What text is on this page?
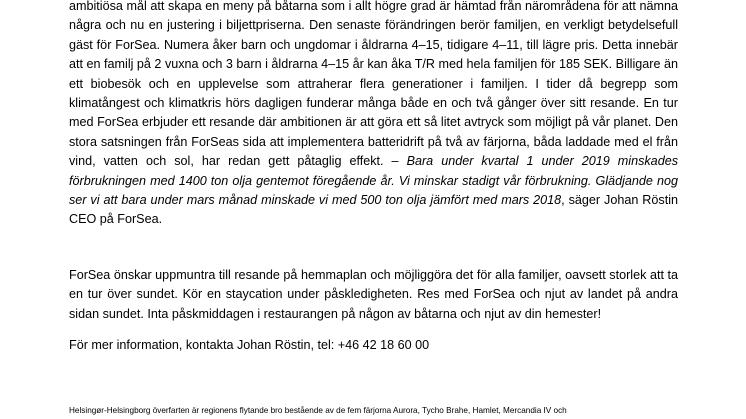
ambitiösa mål att skapa en meny på båtarna som i allt högre grad är hämtad från närområdena för att nämna några och nu en justering i biljettpriserna. Den senaste förändringen berör familjen, en verkligt betydelsefull gäst för ForSea. Numera åker barn och ungdomar i åldrarna 4–15, tidigare 4–11, till lägre pris. Detta innebär att en familj på 2 vuxna och 3 barn i åldrarna 4–15 år kan åka T/R med hela familjen för 185 SEK. Billigare än ett biobesök och en upplevelse som attraherar flera generationer i familjen. I tider då begrepp som klimatångest och klimatkris hörs dagligen funderar många både en och två gånger över sitt resande. En tur med ForSea erbjuder ett resande där ambitionen är att göra ett så litet avtryck som möjligt på vår planet. Den stora satsningen från ForSeas sida att implementera batteridrift på två av färjorna, båda laddade med el från vind, vatten och sol, har redan gett påtaglig effekt. – Bara under kvartal 1 under 2019 minskades förbrukningen med 1400 ton olja gentemot föregående år. Vi minskar stadigt vår förbrukning. Glädjande nog ser vi att bara under mars månad minskade vi med 500 ton olja jämfört med mars 2018, säger Johan Röstin CEO på ForSea.

ForSea önskar uppmuntra till resande på hemmaplan och möjliggöra det för alla familjer, oavsett storlek att ta en tur över sundet. Kör en staycation under påskledigheten. Res med ForSea och njut av landet på andra sidan sundet. Inta påskmiddagen i restaurangen på någon av båtarna och njut av din hemester!

För mer information, kontakta Johan Röstin, tel: +46 42 18 60 00

Helsingør-Helsingborg överfarten är regionens flytande bro bestående av de fem färjorna Aurora, Tycho Brahe, Hamlet, Mercandia IV och
